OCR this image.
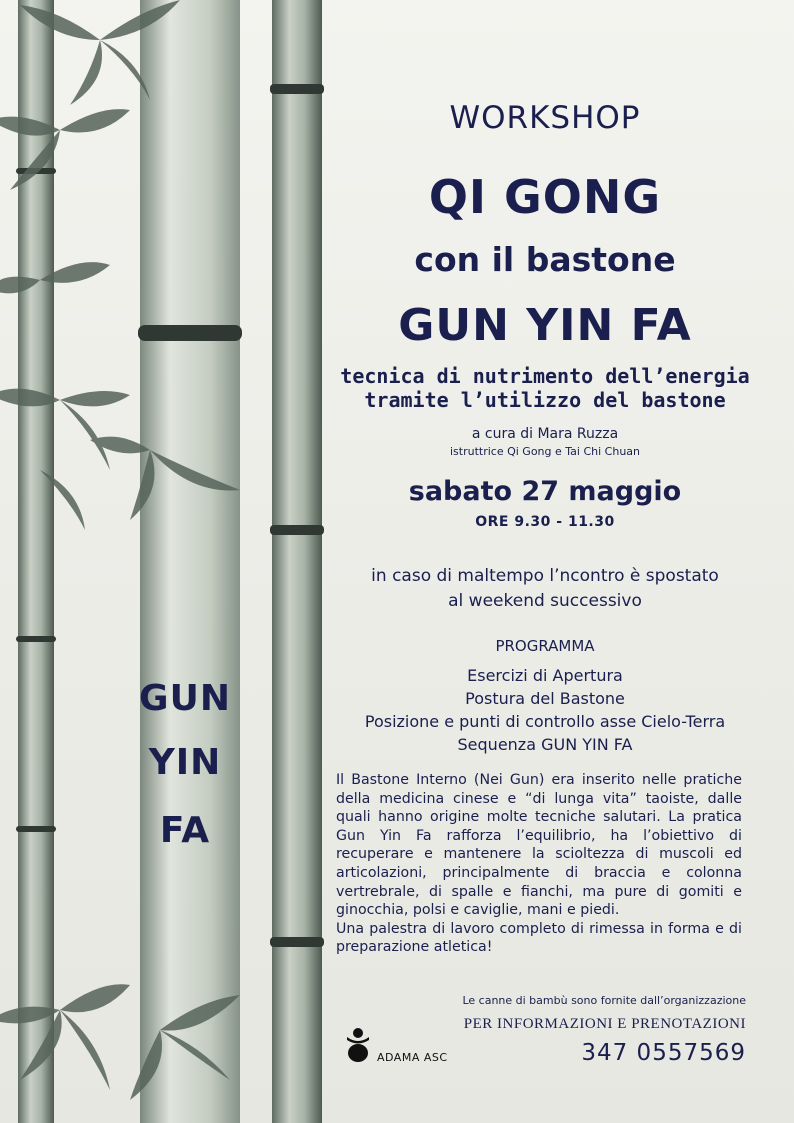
WORKSHOP
QI GONG
con il bastone
GUN YIN FA
tecnica di nutrimento dell’energia
tramite l’utilizzo del bastone
a cura di Mara Ruzza
istruttrice Qi Gong e Tai Chi Chuan
sabato 27 maggio
ORE 9.30 - 11.30
in caso di maltempo l’ncontro è spostato
al weekend successivo
PROGRAMMA
Esercizi di Apertura
Postura del Bastone
Posizione e punti di controllo asse Cielo-Terra
Sequenza GUN YIN FA

Il Bastone Interno (Nei Gun) era inserito nelle pratiche della medicina cinese e “di lunga vita” taoiste, dalle quali hanno origine molte tecniche salutari. La pratica Gun Yin Fa rafforza l’equilibrio, ha l’obiettivo di recuperare e mantenere la scioltezza di muscoli ed articolazioni, principalmente di braccia e colonna vertrebrale, di spalle e fianchi, ma pure di gomiti e ginocchia, polsi e caviglie, mani e piedi.

Una palestra di lavoro completo di rimessa in forma e di preparazione atletica!

Le canne di bambù sono fornite dall’organizzazione
PER INFORMAZIONI E PRENOTAZIONI
347 0557569
ADAMA ASC
GUN
YIN
FA
